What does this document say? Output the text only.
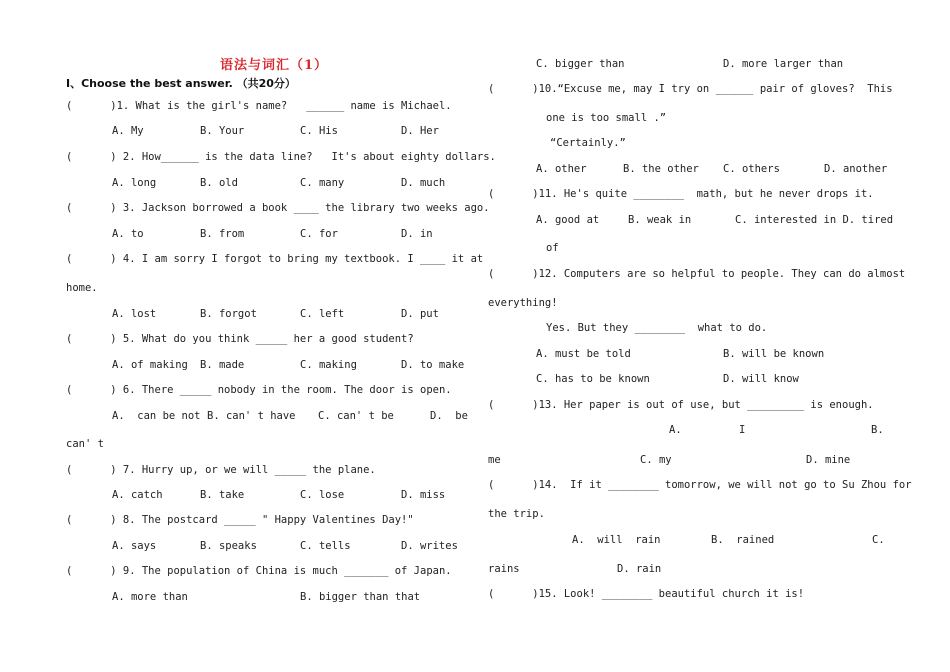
语法与词汇（1）
Ⅰ、Choose the best answer. （共20分）
(      )1. What is the girl's name?   ______ name is Michael.
A. My	B. Your	C. His	D. Her
(      ) 2. How______ is the data line?   It's about eighty dollars.
A. long	B. old	C. many	D. much
(      ) 3. Jackson borrowed a book ____ the library two weeks ago.
A. to	B. from	C. for	D. in
(      ) 4. I am sorry I forgot to bring my textbook. I ____ it at
home.
A. lost	B. forgot	C. left	D. put
(      ) 5. What do you think _____ her a good student?
A. of making B. made	C. making	D. to make
(      ) 6. There _____ nobody in the room. The door is open.
A.  can be not B. can' t have C. can' t be	D.  be
can' t
(      ) 7. Hurry up, or we will _____ the plane.
A. catch	B. take	C. lose	D. miss
(      ) 8. The postcard _____ " Happy Valentines Day!"
A. says	B. speaks	C. tells	D. writes
(      ) 9. The population of China is much _______ of Japan.
A. more than	B. bigger than that
C. bigger than	D. more larger than
(      )10.“Excuse me, may I try on ______ pair of gloves?  This
one is too small .”
“Certainly.”
A. other	B. the other C. others	D. another
(      )11. He's quite ________  math, but he never drops it.
A. good at	B. weak in	C. interested in D. tired
of
(      )12. Computers are so helpful to people. They can do almost
everything!
Yes. But they ________  what to do.
A. must be told	B. will be known
C. has to be known	D. will know
(      )13. Her paper is out of use, but _________ is enough.
A.	I	B.
me	C. my	D. mine
(      )14.  If it ________ tomorrow, we will not go to Su Zhou for
the trip.
A.  will  rain	B.  rained	C.
rains	D. rain
(      )15. Look! ________ beautiful church it is!
